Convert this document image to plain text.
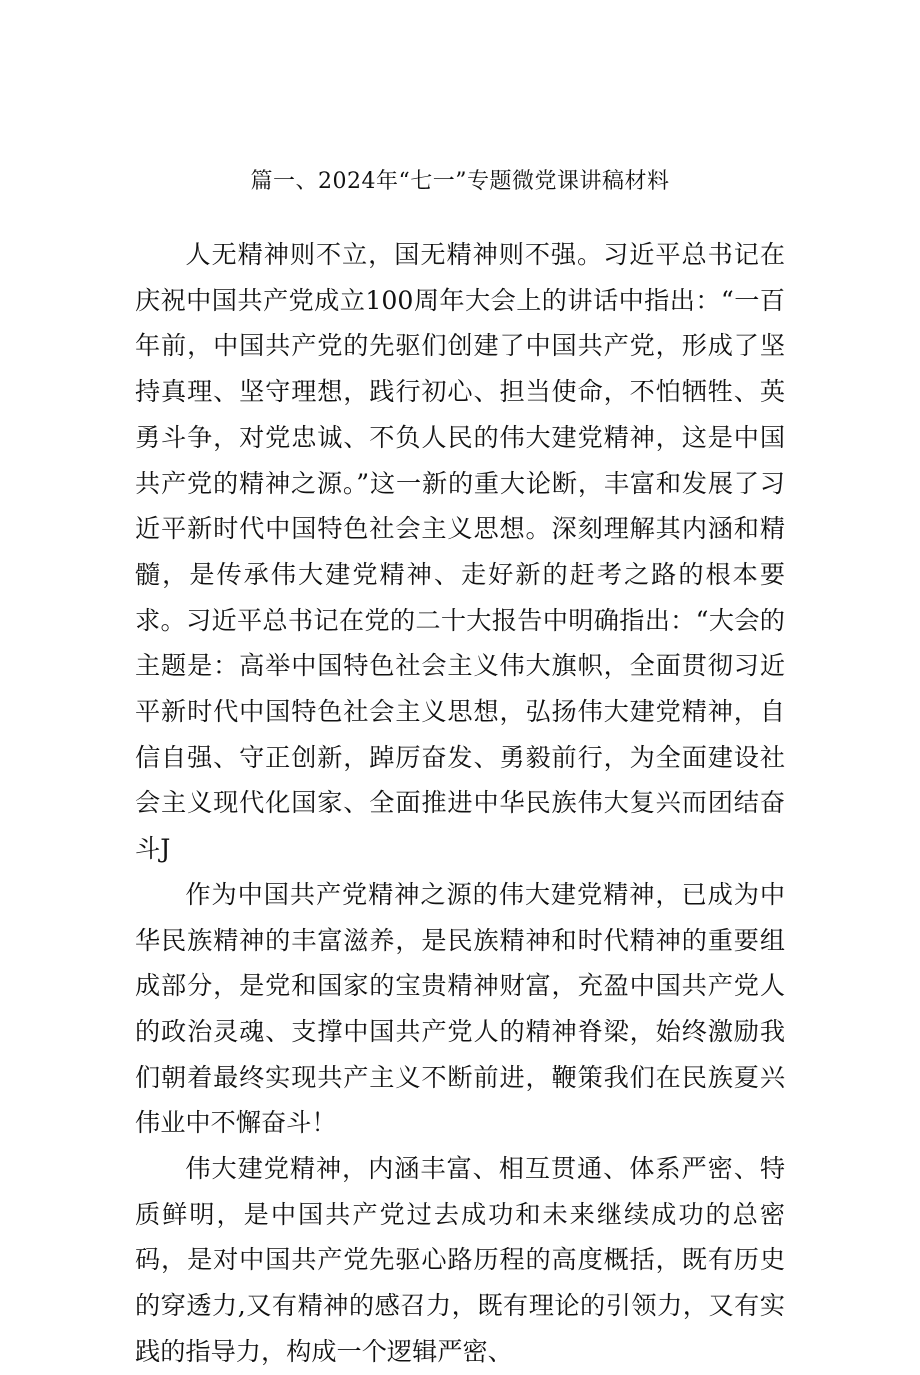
篇一、2024年“七一”专题微党课讲稿材料

人无精神则不立，国无精神则不强。习近平总书记在庆祝中国共产党成立100周年大会上的讲话中指出：“一百年前，中国共产党的先驱们创建了中国共产党，形成了坚持真理、坚守理想，践行初心、担当使命，不怕牺牲、英勇斗争，对党忠诚、不负人民的伟大建党精神，这是中国共产党的精神之源。”这一新的重大论断，丰富和发展了习近平新时代中国特色社会主义思想。深刻理解其内涵和精髓，是传承伟大建党精神、走好新的赶考之路的根本要求。习近平总书记在党的二十大报告中明确指出：“大会的主题是：高举中国特色社会主义伟大旗帜，全面贯彻习近平新时代中国特色社会主义思想，弘扬伟大建党精神，自信自强、守正创新，踔厉奋发、勇毅前行，为全面建设社会主义现代化国家、全面推进中华民族伟大复兴而团结奋斗J

作为中国共产党精神之源的伟大建党精神，已成为中华民族精神的丰富滋养，是民族精神和时代精神的重要组成部分，是党和国家的宝贵精神财富，充盈中国共产党人的政治灵魂、支撑中国共产党人的精神脊梁，始终激励我们朝着最终实现共产主义不断前进，鞭策我们在民族夏兴伟业中不懈奋斗！

伟大建党精神，内涵丰富、相互贯通、体系严密、特质鲜明，是中国共产党过去成功和未来继续成功的总密码，是对中国共产党先驱心路历程的高度概括，既有历史的穿透力,又有精神的感召力，既有理论的引领力，又有实践的指导力，构成一个逻辑严密、
